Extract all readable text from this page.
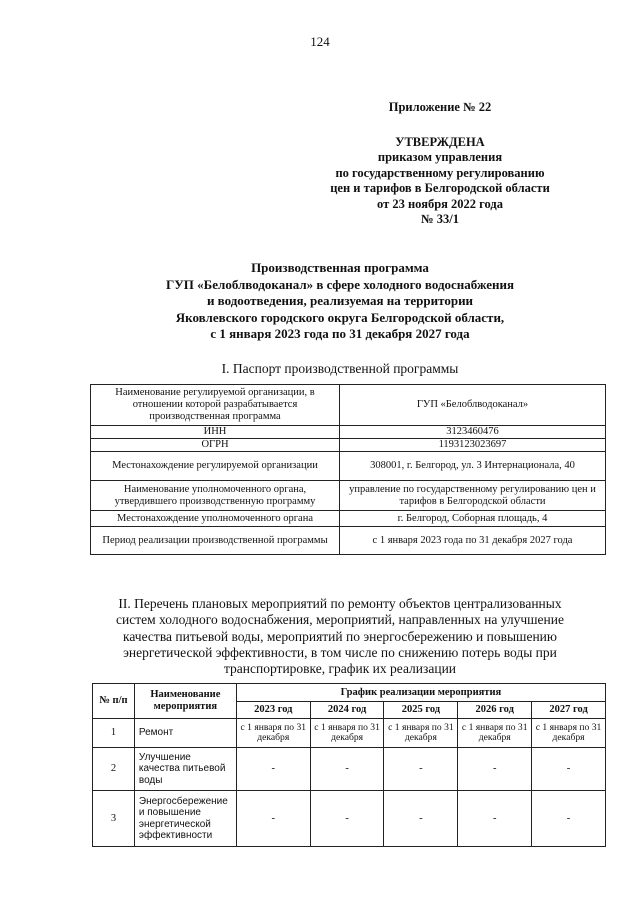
124
Приложение № 22
УТВЕРЖДЕНА
приказом управления
по государственному регулированию
цен и тарифов в Белгородской области
от 23 ноября 2022 года
№ 33/1
Производственная программа
ГУП «Белоблводоканал» в сфере холодного водоснабжения
и водоотведения, реализуемая на территории
Яковлевского городского округа Белгородской области,
с 1 января 2023 года по 31 декабря 2027 года
I. Паспорт производственной программы
Наименование регулируемой организации, в отношении которой разрабатывается производственная программа	ГУП «Белоблводоканал»
ИНН	3123460476
ОГРН	1193123023697
Местонахождение регулируемой организации	308001, г. Белгород, ул. 3 Интернационала, 40
Наименование уполномоченного органа, утвердившего производственную программу	управление по государственному регулированию цен и тарифов в Белгородской области
Местонахождение уполномоченного органа	г. Белгород, Соборная площадь, 4
Период реализации производственной программы	с 1 января 2023 года по 31 декабря 2027 года
II. Перечень плановых мероприятий по ремонту объектов централизованных
систем холодного водоснабжения, мероприятий, направленных на улучшение
качества питьевой воды, мероприятий по энергосбережению и повышению
энергетической эффективности, в том числе по снижению потерь воды при
транспортировке, график их реализации
№ п/п	Наименование мероприятия	График реализации мероприятия				
		2023 год	2024 год	2025 год	2026 год	2027 год
1	Ремонт	с 1 января по 31 декабря	с 1 января по 31 декабря	с 1 января по 31 декабря	с 1 января по 31 декабря	с 1 января по 31 декабря
2	Улучшение качества питьевой воды	-	-	-	-	-
3	Энергосбережение и повышение энергетической эффективности	-	-	-	-	-
